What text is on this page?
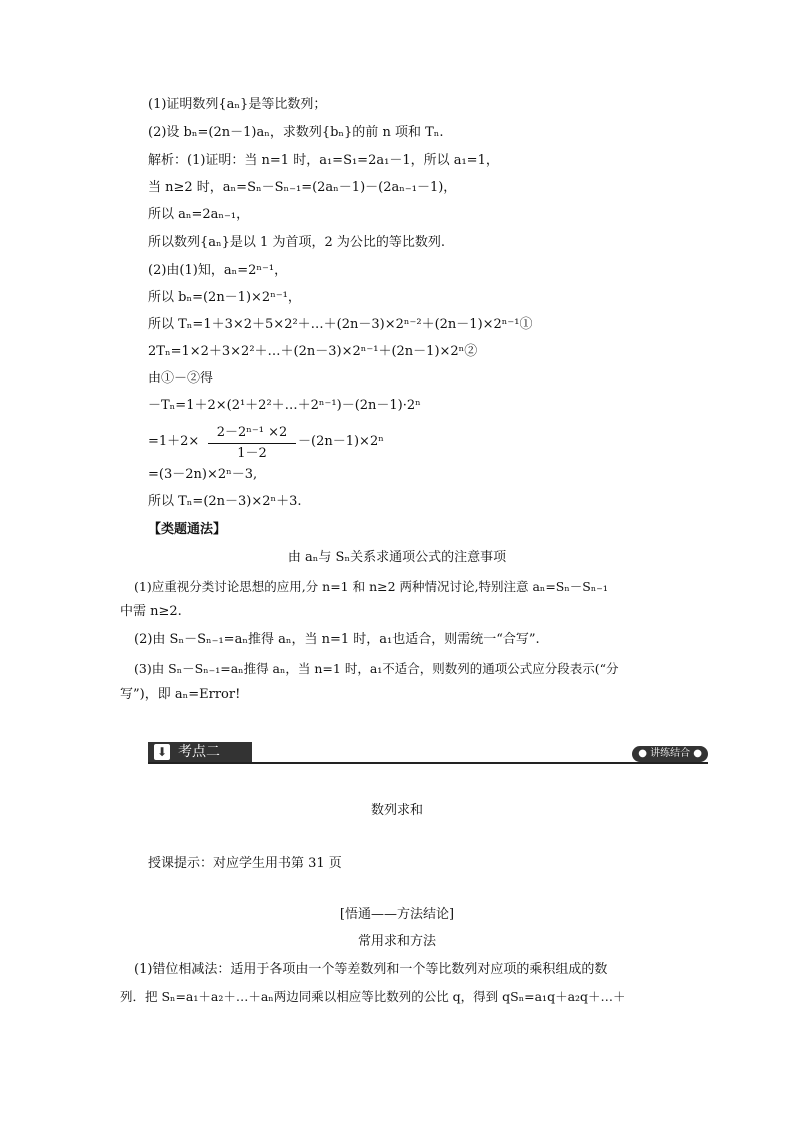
(1)证明数列{aₙ}是等比数列；
(2)设 bₙ=(2n－1)aₙ，求数列{bₙ}的前 n 项和 Tₙ.
解析：(1)证明：当 n=1 时，a₁=S₁=2a₁－1，所以 a₁=1，
当 n≥2 时，aₙ=Sₙ－Sₙ₋₁=(2aₙ－1)－(2aₙ₋₁－1)，
所以 aₙ=2aₙ₋₁，
所以数列{aₙ}是以 1 为首项，2 为公比的等比数列.
(2)由(1)知，aₙ=2ⁿ⁻¹，
所以 bₙ=(2n－1)×2ⁿ⁻¹，
所以 Tₙ=1＋3×2＋5×2²＋…＋(2n－3)×2ⁿ⁻²＋(2n－1)×2ⁿ⁻¹①
2Tₙ=1×2＋3×2²＋…＋(2n－3)×2ⁿ⁻¹＋(2n－1)×2ⁿ②
由①－②得
－Tₙ=1＋2×(2¹＋2²＋…＋2ⁿ⁻¹)－(2n－1)·2ⁿ
$=1+2\times \frac{\text{2－2ⁿ⁻¹ ×2}}{1-2} -(2n-1)\times 2^n$
=(3－2n)×2ⁿ－3,
所以 Tₙ=(2n－3)×2ⁿ＋3.
【类题通法】
由 aₙ与 Sₙ关系求通项公式的注意事项
(1)应重视分类讨论思想的应用,分 n=1 和 n≥2 两种情况讨论,特别注意 aₙ=Sₙ－Sₙ₋₁
中需 n≥2.
(2)由 Sₙ－Sₙ₋₁=aₙ推得 aₙ，当 n=1 时，a₁也适合，则需统一“合写”.
(3)由 Sₙ－Sₙ₋₁=aₙ推得 aₙ，当 n=1 时，a₁不适合，则数列的通项公式应分段表示(“分
写”)，即 aₙ=Error!
⬇ 考点二	● 讲练结合 ●
数列求和
授课提示：对应学生用书第 31 页
[悟通——方法结论]
常用求和方法
(1)错位相减法：适用于各项由一个等差数列和一个等比数列对应项的乘积组成的数
列．把 Sₙ=a₁＋a₂＋…＋aₙ两边同乘以相应等比数列的公比 q，得到 qSₙ=a₁q＋a₂q＋…＋
